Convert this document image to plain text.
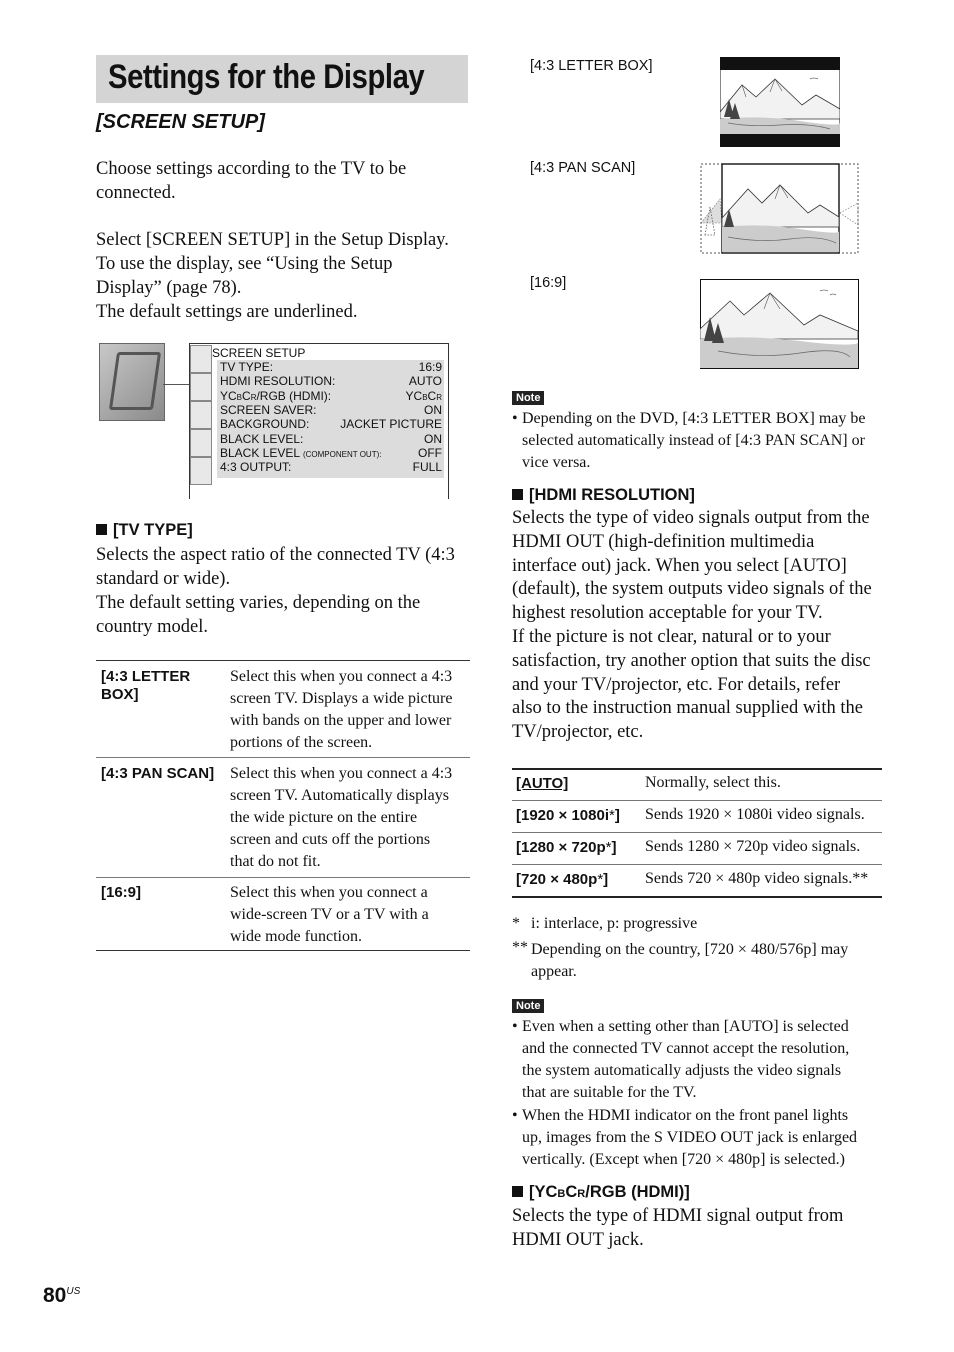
Settings for the Display
[SCREEN SETUP]

Choose settings according to the TV to be connected.

Select [SCREEN SETUP] in the Setup Display.

To use the display, see “Using the Setup

Display” (page 78).

The default settings are underlined.

SCREEN SETUP
TV TYPE:	16:9
HDMI RESOLUTION:	AUTO
YCBCR/RGB (HDMI):	YCBCR
SCREEN SAVER:	ON
BACKGROUND:	JACKET PICTURE
BLACK LEVEL:	ON
BLACK LEVEL (COMPONENT OUT):	OFF
4:3 OUTPUT:	FULL
[TV TYPE]

Selects the aspect ratio of the connected TV (4:3

standard or wide).

The default setting varies, depending on the

country model.

[4:3 LETTER
BOX]
Select this when you connect a 4:3
screen TV. Displays a wide picture
with bands on the upper and lower
portions of the screen.
[4:3 PAN SCAN] Select this when you connect a 4:3
screen TV. Automatically displays
the wide picture on the entire
screen and cuts off the portions
that do not fit.
[16:9]	Select this when you connect a
wide-screen TV or a TV with a
wide mode function.
[4:3 LETTER BOX]
[4:3 PAN SCAN]
[16:9]
Note
• Depending on the DVD, [4:3 LETTER BOX] may be
selected automatically instead of [4:3 PAN SCAN] or
vice versa.
[HDMI RESOLUTION]

Selects the type of video signals output from the

HDMI OUT (high-definition multimedia

interface out) jack. When you select [AUTO]

(default), the system outputs video signals of the

highest resolution acceptable for your TV.

If the picture is not clear, natural or to your

satisfaction, try another option that suits the disc

and your TV/projector, etc. For details, refer

also to the instruction manual supplied with the

TV/projector, etc.

[AUTO]	Normally, select this.
[1920 × 1080i*] Sends 1920 × 1080i video signals.
[1280 × 720p*] Sends 1280 × 720p video signals.
[720 × 480p*] Sends 720 × 480p video signals.**
* i: interlace, p: progressive
** Depending on the country, [720 × 480/576p] may
appear.
Note
• Even when a setting other than [AUTO] is selected
and the connected TV cannot accept the resolution,
the system automatically adjusts the video signals
that are suitable for the TV.
• When the HDMI indicator on the front panel lights
up, images from the S VIDEO OUT jack is enlarged
vertically. (Except when [720 × 480p] is selected.)
[YCBCR/RGB (HDMI)]

Selects the type of HDMI signal output from

HDMI OUT jack.

$80^{US}$
